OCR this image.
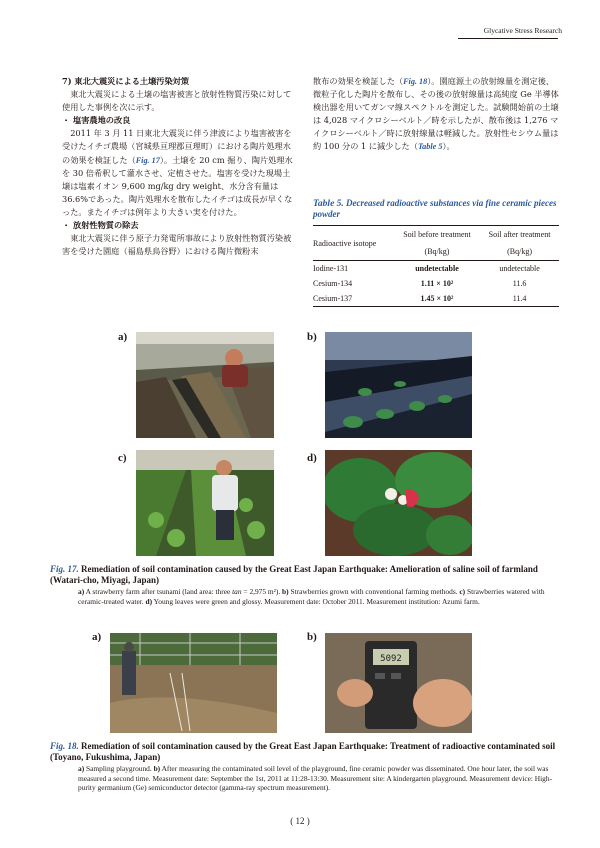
Glycative Stress Research

7) 東北大震災による土壌汚染対策

東北大震災による土壌の塩害被害と放射性物質汚染に対して使用した事例を次に示す。

・ 塩害農地の改良

2011 年 3 月 11 日東北大震災に伴う津波により塩害被害を受けたイチゴ農場（宮城県亘理郡亘理町）における陶片処理水の効果を検証した（Fig. 17）。土壌を 20 cm 掘り、陶片処理水を 30 倍希釈して灌水させ、定植させた。塩害を受けた現場土壌は塩素イオン 9,600 mg/kg dry weight、水分含有量は 36.6%であった。陶片処理水を散布したイチゴは成長が早くなった。またイチゴは例年より大きい実を付けた。

・ 放射性物質の除去

東北大震災に伴う原子力発電所事故により放射性物質汚染被害を受けた園庭（福島県鳥谷野）における陶片微粉末

散布の効果を検証した（Fig. 18）。園庭源土の放射線量を測定後、微粒子化した陶片を散布し、その後の放射線量は高純度 Ge 半導体検出器を用いてガンマ線スペクトルを測定した。試験開始前の土壌は 4,028 マイクロシーベルト／時を示したが、散布後は 1,276 マイクロシーベルト／時に放射線量は軽減した。放射性セシウム量は約 100 分の 1 に減少した（Table 5）。

Table 5. Decreased radioactive substances via fine ceramic pieces powder
Radioactive isotope	Soil before treatment	Soil after treatment
	(Bq/kg)	(Bq/kg)
Iodine-131	undetectable	undetectable
Cesium-134	1.11 × 10²	11.6
Cesium-137	1.45 × 10²	11.4
a)	b)
c)	d)
Fig. 17. Remediation of soil contamination caused by the Great East Japan Earthquake: Amelioration of saline soil of farmland (Watari-cho, Miyagi, Japan)
a) A strawberry farm after tsunami (land area: three tan = 2,975 m²). b) Strawberries grown with conventional farming methods. c) Strawberries watered with ceramic-treated water. d) Young leaves were green and glossy. Measurement date: October 2011. Measurement institution: Azumi farm.
a)	b)
5092
Fig. 18. Remediation of soil contamination caused by the Great East Japan Earthquake: Treatment of radioactive contaminated soil (Toyano, Fukushima, Japan)
a) Sampling playground. b) After measuring the contaminated soil level of the playground, fine ceramic powder was disseminated. One hour later, the soil was measured a second time. Measurement date: September the 1st, 2011 at 11:28-13:30. Measurement site: A kindergarten playground. Measurement device: High-purity germanium (Ge) semiconductor detector (gamma-ray spectrum measurement).
( 12 )
